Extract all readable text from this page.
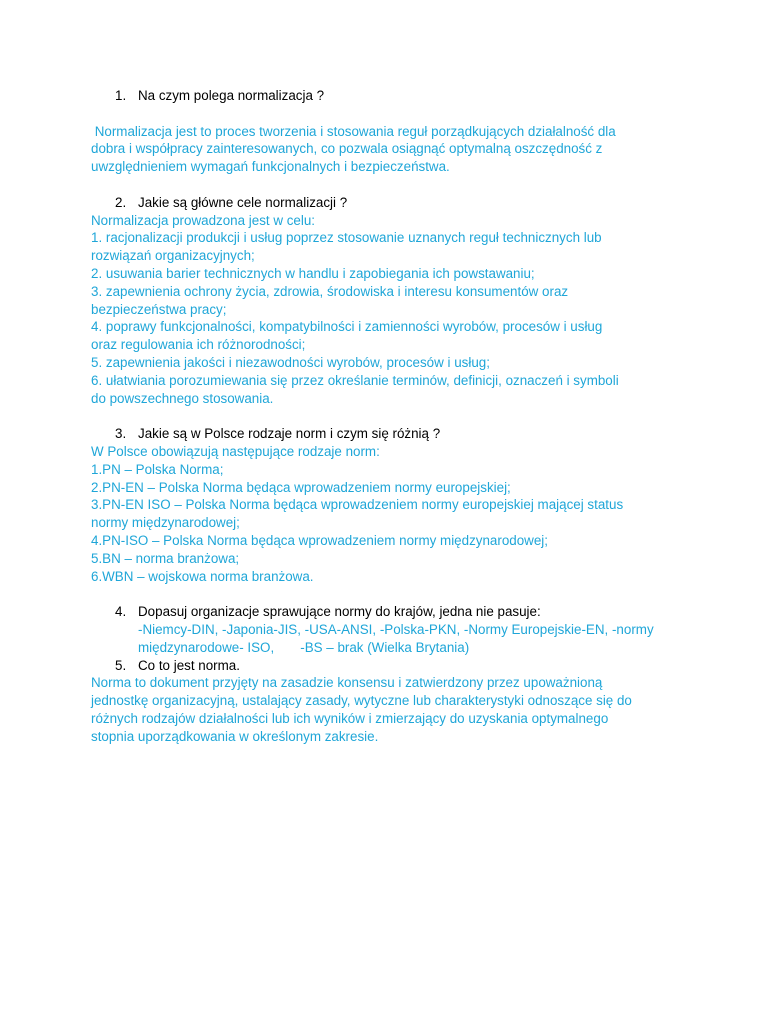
1. Na czym polega normalizacja ?
Normalizacja jest to proces tworzenia i stosowania reguł porządkujących działalność dla
dobra i współpracy zainteresowanych, co pozwala osiągnąć optymalną oszczędność z
uwzględnieniem wymagań funkcjonalnych i bezpieczeństwa.
2. Jakie są główne cele normalizacji ?
Normalizacja prowadzona jest w celu:
1. racjonalizacji produkcji i usług poprzez stosowanie uznanych reguł technicznych lub
rozwiązań organizacyjnych;
2. usuwania barier technicznych w handlu i zapobiegania ich powstawaniu;
3. zapewnienia ochrony życia, zdrowia, środowiska i interesu konsumentów oraz
bezpieczeństwa pracy;
4. poprawy funkcjonalności, kompatybilności i zamienności wyrobów, procesów i usług
oraz regulowania ich różnorodności;
5. zapewnienia jakości i niezawodności wyrobów, procesów i usług;
6. ułatwiania porozumiewania się przez określanie terminów, definicji, oznaczeń i symboli
do powszechnego stosowania.
3. Jakie są w Polsce rodzaje norm i czym się różnią ?
W Polsce obowiązują następujące rodzaje norm:
1.PN – Polska Norma;
2.PN-EN – Polska Norma będąca wprowadzeniem normy europejskiej;
3.PN-EN ISO – Polska Norma będąca wprowadzeniem normy europejskiej mającej status
normy międzynarodowej;
4.PN-ISO – Polska Norma będąca wprowadzeniem normy międzynarodowej;
5.BN – norma branżowa;
6.WBN – wojskowa norma branżowa.
4. Dopasuj organizacje sprawujące normy do krajów, jedna nie pasuje:
-Niemcy-DIN, -Japonia-JIS, -USA-ANSI, -Polska-PKN, -Normy Europejskie-EN, -normy
międzynarodowe- ISO,       -BS – brak (Wielka Brytania)
5. Co to jest norma.
Norma to dokument przyjęty na zasadzie konsensu i zatwierdzony przez upoważnioną
jednostkę organizacyjną, ustalający zasady, wytyczne lub charakterystyki odnoszące się do
różnych rodzajów działalności lub ich wyników i zmierzający do uzyskania optymalnego
stopnia uporządkowania w określonym zakresie.
